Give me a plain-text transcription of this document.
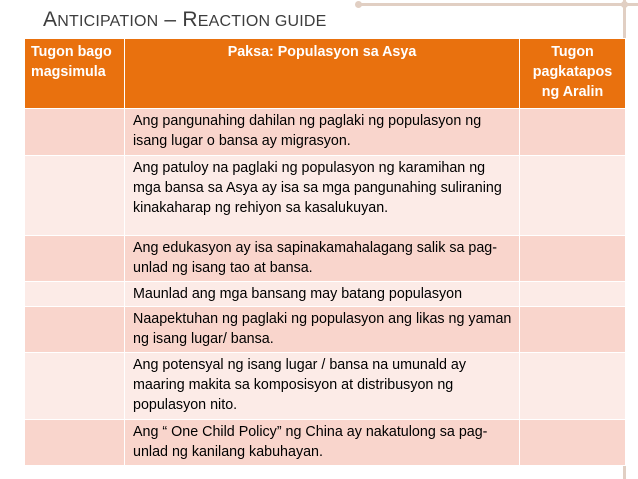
ANTICIPATION – REACTION GUIDE
Tugon bago magsimula	Paksa: Populasyon sa Asya	Tugon pagkatapos ng Aralin
	Ang pangunahing dahilan ng paglaki ng populasyon ng isang lugar o bansa ay migrasyon.	
	Ang patuloy na paglaki ng populasyon ng karamihan ng mga bansa sa Asya ay isa sa mga pangunahing suliraning kinakaharap ng rehiyon sa kasalukuyan.	
	Ang edukasyon ay isa sapinakamahalagang salik sa pag-unlad ng isang tao at bansa.	
	Maunlad ang mga bansang may batang populasyon	
	Naapektuhan ng paglaki ng populasyon ang likas ng yaman ng isang lugar/ bansa.	
	Ang potensyal ng isang lugar / bansa na umunald ay maaring makita sa komposisyon at distribusyon ng populasyon nito.	
	Ang “ One Child Policy” ng China ay nakatulong sa pag-unlad ng kanilang kabuhayan.	
